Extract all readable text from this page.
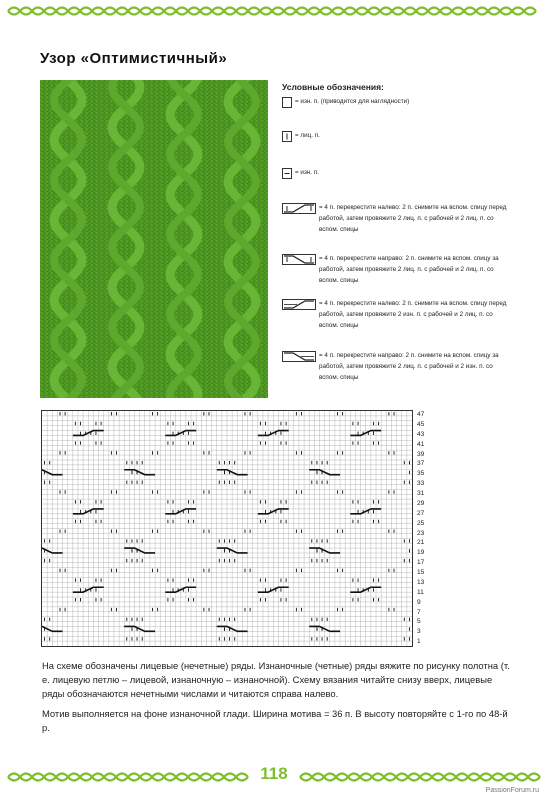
Узор «Оптимистичный»
Условные обозначения:
= изн. п. (приводится для наглядности)
= лиц. п.
= изн. п.
= 4 п. перекрестите налево: 2 п. снимите на вспом. спицу перед работой, затем провяжите 2 лиц. п. с рабочей и 2 лиц. п. со вспом. спицы
= 4 п. перекрестите направо: 2 п. снимите на вспом. спицу за работой, затем провяжите 2 лиц. п. с рабочей и 2 лиц. п. со вспом. спицы
= 4 п. перекрестите налево: 2 п. снимите на вспом. спицу перед работой, затем провяжите 2 изн. п. с рабочей и 2 лиц. п. со вспом. спицы
= 4 п. перекрестите направо: 2 п. снимите на вспом. спицу за работой, затем провяжите 2 лиц. п. с рабочей и 2 изн. п. со вспом. спицы
47
45
43
41
39
37
35
33
31
29
27
25
23
21
19
17
15
13
11
9
7
5
3
1

На схеме обозначены лицевые (нечетные) ряды. Изнаночные (четные) ряды вяжите по рисунку полотна (т. е. лицевую петлю – лицевой, изнаночную – изнаночной). Схему вязания читайте снизу вверх, лицевые ряды обозначаются нечетными числами и читаются справа налево.

Мотив выполняется на фоне изнаночной глади. Ширина мотива = 36 п. В высоту повторяйте с 1-го по 48-й р.

118
PassionForum.ru
